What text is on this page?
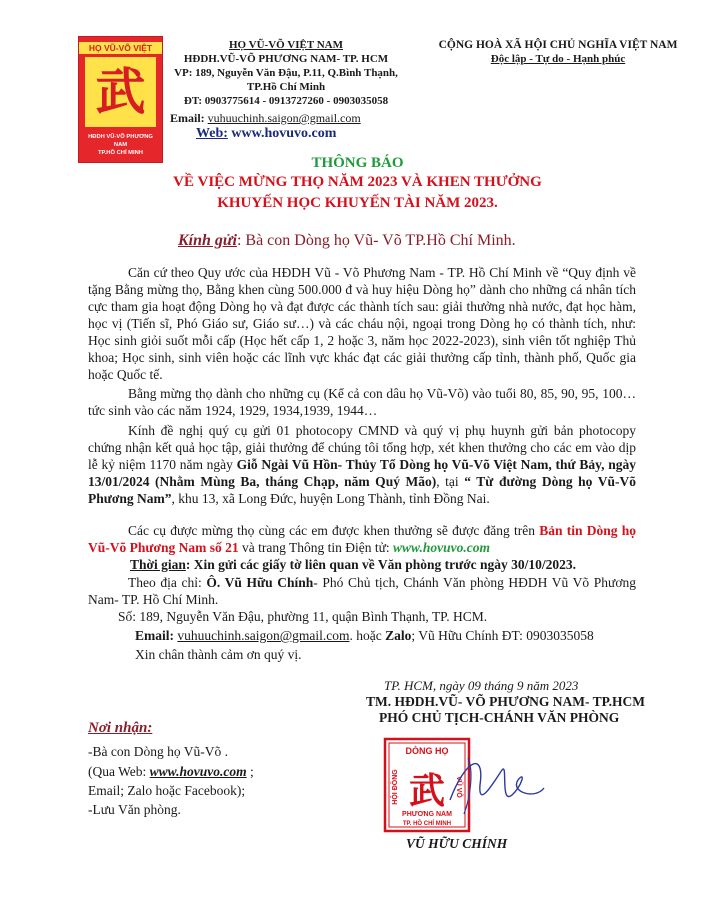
HỌ VŨ-VÕ VIỆT
武
HĐDH VŨ-VÕ PHƯƠNG NAM
TP.HỒ CHÍ MINH
HỌ VŨ-VÕ VIỆT NAM
HĐDH.VŨ-VÕ PHƯƠNG NAM- TP. HCM
VP: 189, Nguyễn Văn Đậu, P.11, Q.Bình Thạnh,
TP.Hồ Chí Minh
ĐT: 0903775614 - 0913727260 - 0903035058
Email: vuhuuchinh.saigon@gmail.com
Web: www.hovuvo.com
CỘNG HOÀ XÃ HỘI CHỦ NGHĨA VIỆT NAM
Độc lập - Tự do - Hạnh phúc
THÔNG BÁO
VỀ VIỆC MỪNG THỌ NĂM 2023 VÀ KHEN THƯỞNG
KHUYẾN HỌC KHUYẾN TÀI NĂM 2023.
Kính gửi: Bà con Dòng họ Vũ- Võ TP.Hồ Chí Minh.
Căn cứ theo Quy ước của HĐDH Vũ - Võ Phương Nam - TP. Hồ Chí Minh về “Quy định về tặng Bằng mừng thọ, Bằng khen cùng 500.000 đ và huy hiệu Dòng họ” dành cho những cá nhân tích cực tham gia hoạt động Dòng họ và đạt được các thành tích sau: giải thưởng nhà nước, đạt học hàm, học vị (Tiến sĩ, Phó Giáo sư, Giáo sư…) và các cháu nội, ngoại trong Dòng họ có thành tích, như: Học sinh giỏi suốt mỗi cấp (Học hết cấp 1, 2 hoặc 3, năm học 2022-2023), sinh viên tốt nghiệp Thủ khoa; Học sinh, sinh viên hoặc các lĩnh vực khác đạt các giải thưởng cấp tỉnh, thành phố, Quốc gia hoặc Quốc tế.
Bằng mừng thọ dành cho những cụ (Kể cả con dâu họ Vũ-Võ) vào tuổi 80, 85, 90, 95, 100… tức sinh vào các năm 1924, 1929, 1934,1939, 1944…
Kính đề nghị quý cụ gửi 01 photocopy CMND và quý vị phụ huynh gửi bản photocopy chứng nhận kết quả học tập, giải thưởng để chúng tôi tổng hợp, xét khen thưởng cho các em vào dịp lễ kỷ niệm 1170 năm ngày Giỗ Ngài Vũ Hồn- Thủy Tổ Dòng họ Vũ-Võ Việt Nam, thứ Bảy, ngày 13/01/2024 (Nhằm Mùng Ba, tháng Chạp, năm Quý Mão), tại “ Từ đường Dòng họ Vũ-Võ Phương Nam”, khu 13, xã Long Đức, huyện Long Thành, tỉnh Đồng Nai.
Các cụ được mừng thọ cùng các em được khen thưởng sẽ được đăng trên Bản tin Dòng họ Vũ-Võ Phương Nam số 21 và trang Thông tin Điện tử: www.hovuvo.com
Thời gian: Xin gửi các giấy tờ liên quan về Văn phòng trước ngày 30/10/2023.
Theo địa chỉ: Ô. Vũ Hữu Chính- Phó Chủ tịch, Chánh Văn phòng HĐDH Vũ Võ Phương Nam- TP. Hồ Chí Minh.
Số: 189, Nguyễn Văn Đậu, phường 11, quận Bình Thạnh, TP. HCM.
Email: vuhuuchinh.saigon@gmail.com. hoặc Zalo; Vũ Hữu Chính ĐT: 0903035058
Xin chân thành cảm ơn quý vị.
TP. HCM, ngày 09 tháng 9 năm 2023
TM. HĐDH.VŨ- VÕ PHƯƠNG NAM- TP.HCM
PHÓ CHỦ TỊCH-CHÁNH VĂN PHÒNG
DÒNG HỌ
HỘI ĐỒNG	VŨ VÕ
武
PHƯƠNG NAM
TP. HỒ CHÍ MINH
VŨ HỮU CHÍNH
Nơi nhận:
-Bà con Dòng họ Vũ-Võ .
(Qua Web: www.hovuvo.com ;
Email; Zalo hoặc Facebook);
-Lưu Văn phòng.
